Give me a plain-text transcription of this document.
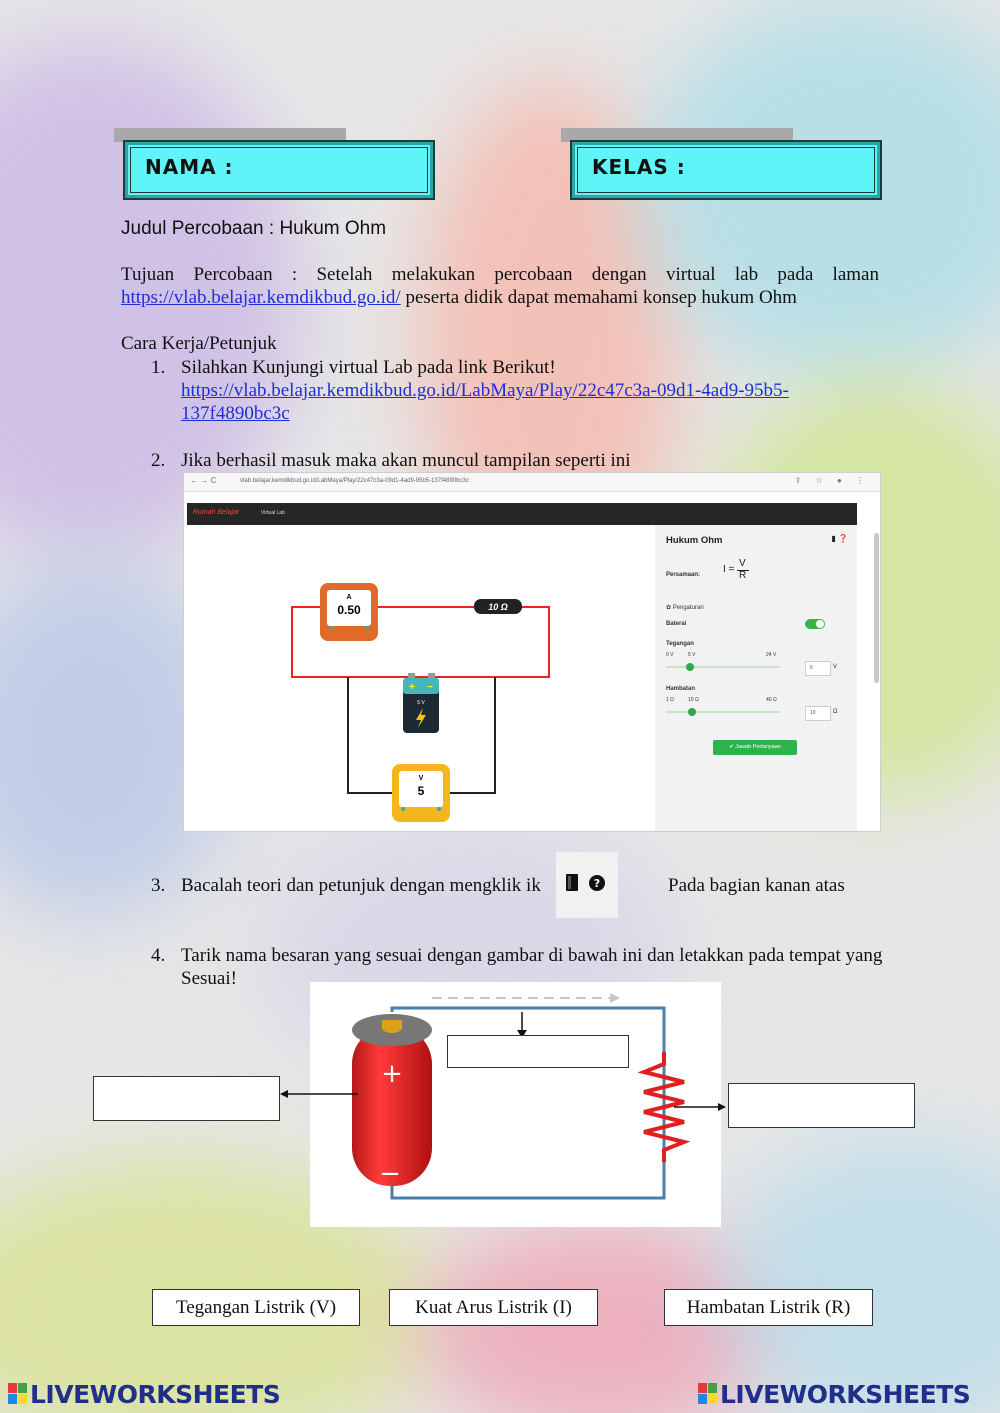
NAMA :	KELAS :
Judul Percobaan : Hukum Ohm
Tujuan Percobaan : Setelah melakukan percobaan dengan virtual lab pada laman
https://vlab.belajar.kemdikbud.go.id/ peserta didik dapat memahami konsep hukum Ohm
Cara Kerja/Petunjuk
1. Silahkan Kunjungi virtual Lab pada link Berikut!
https://vlab.belajar.kemdikbud.go.id/LabMaya/Play/22c47c3a-09d1-4ad9-95b5-
137f4890bc3c
2. Jika berhasil masuk maka akan muncul tampilan seperti ini
← → C	vlab.belajar.kemdikbud.go.id/LabMaya/Play/22c47c3a-09d1-4ad9-95b5-137f4890bc3c	⇪ ☆ ● ⋮
Rumah Belajar	Virtual Lab
A
0.50	10 Ω
+ −
5 V
V
5
Hukum Ohm	▮ ❓
Persamaan: I =
V
R
✿ Pengaturan
Baterai
Tegangan
0 V	5 V	24 V
5	V
Hambatan
1 Ω	10 Ω	40 Ω
10	Ω
✔ Jawab Pertanyaan
3. Bacalah teori dan petunjuk dengan mengklik ik	?	Pada bagian kanan atas
4. Tarik nama besaran yang sesuai dengan gambar di bawah ini dan letakkan pada tempat yang
Sesuai!
+
−
Tegangan Listrik (V)	Kuat Arus Listrik (I)	Hambatan Listrik (R)
LIVEWORKSHEETS	LIVEWORKSHEETS
